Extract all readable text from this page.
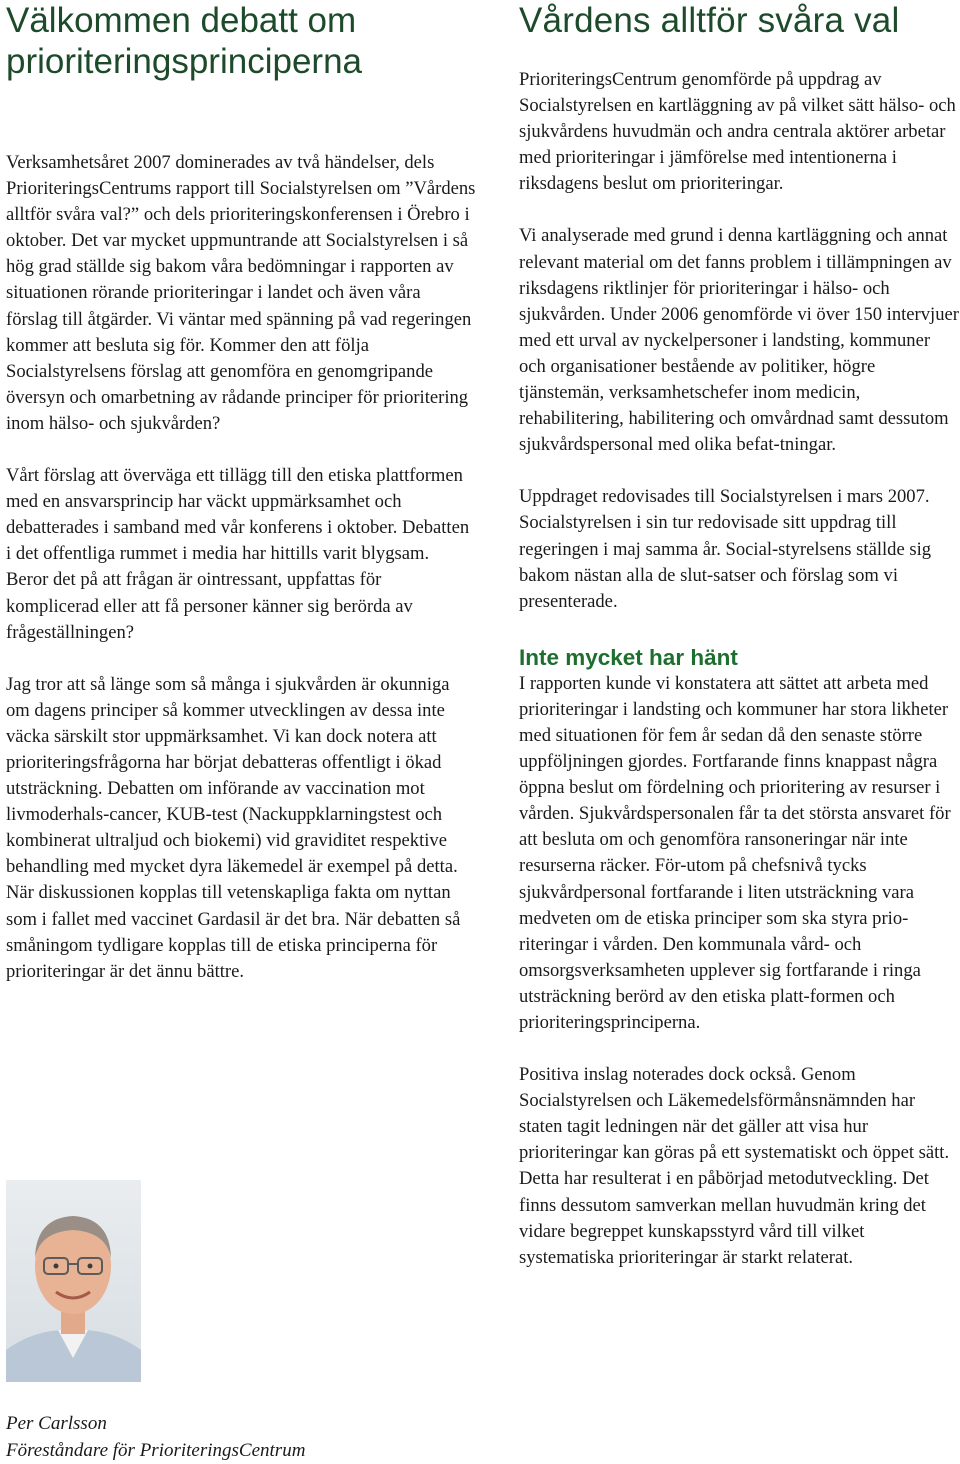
Välkommen debatt om prioriteringsprinciperna

Verksamhetsåret 2007 dominerades av två händelser, dels PrioriteringsCentrums rapport till Socialstyrelsen om ”Vårdens alltför svåra val?” och dels prioriteringskonferensen i Örebro i oktober. Det var mycket uppmuntrande att Socialstyrelsen i så hög grad ställde sig bakom våra bedömningar i rapporten av situationen rörande prioriteringar i landet och även våra förslag till åtgärder. Vi väntar med spänning på vad regeringen kommer att besluta sig för. Kommer den att följa Socialstyrelsens förslag att genomföra en genomgripande översyn och omarbetning av rådande principer för prioritering inom hälso- och sjukvården?

Vårt förslag att överväga ett tillägg till den etiska plattformen med en ansvarsprincip har väckt uppmärksamhet och debatterades i samband med vår konferens i oktober. Debatten i det offentliga rummet i media har hittills varit blygsam. Beror det på att frågan är ointressant, uppfattas för komplicerad eller att få personer känner sig berörda av frågeställningen?

Jag tror att så länge som så många i sjukvården är okunniga om dagens principer så kommer utvecklingen av dessa inte väcka särskilt stor uppmärksamhet. Vi kan dock notera att prioriteringsfrågorna har börjat debatteras offentligt i ökad utsträckning. Debatten om införande av vaccination mot livmoderhals-cancer, KUB-test (Nackuppklarningstest och kombinerat ultraljud och biokemi) vid graviditet respektive behandling med mycket dyra läkemedel är exempel på detta. När diskussionen kopplas till vetenskapliga fakta om nyttan som i fallet med vaccinet Gardasil är det bra. När debatten så småningom tydligare kopplas till de etiska principerna för prioriteringar är det ännu bättre.

Per Carlsson
Föreståndare för PrioriteringsCentrum
Vårdens alltför svåra val

PrioriteringsCentrum genomförde på uppdrag av Socialstyrelsen en kartläggning av på vilket sätt hälso- och sjukvårdens huvudmän och andra centrala aktörer arbetar med prioriteringar i jämförelse med intentionerna i riksdagens beslut om prioriteringar.

Vi analyserade med grund i denna kartläggning och annat relevant material om det fanns problem i tillämpningen av riksdagens riktlinjer för prioriteringar i hälso- och sjukvården. Under 2006 genomförde vi över 150 intervjuer med ett urval av nyckelpersoner i landsting, kommuner och organisationer bestående av politiker, högre tjänstemän, verksamhetschefer inom medicin, rehabilitering, habilitering och omvårdnad samt dessutom sjukvårdspersonal med olika befat-tningar.

Uppdraget redovisades till Socialstyrelsen i mars 2007. Socialstyrelsen i sin tur redovisade sitt uppdrag till regeringen i maj samma år. Social-styrelsens ställde sig bakom nästan alla de slut-satser och förslag som vi presenterade.

Inte mycket har hänt

I rapporten kunde vi konstatera att sättet att arbeta med prioriteringar i landsting och kommuner har stora likheter med situationen för fem år sedan då den senaste större uppföljningen gjordes. Fortfarande finns knappast några öppna beslut om fördelning och prioritering av resurser i vården. Sjukvårdspersonalen får ta det största ansvaret för att besluta om och genomföra ransoneringar när inte resurserna räcker. För-utom på chefsnivå tycks sjukvårdpersonal fortfarande i liten utsträckning vara medveten om de etiska principer som ska styra prio-riteringar i vården. Den kommunala vård- och omsorgsverksamheten upplever sig fortfarande i ringa utsträckning berörd av den etiska platt-formen och prioriteringsprinciperna.

Positiva inslag noterades dock också. Genom Socialstyrelsen och Läkemedelsförmånsnämnden har staten tagit ledningen när det gäller att visa hur prioriteringar kan göras på ett systematiskt och öppet sätt. Detta har resulterat i en påbörjad metodutveckling. Det finns dessutom samverkan mellan huvudmän kring det vidare begreppet kunskapsstyrd vård till vilket systematiska prioriteringar är starkt relaterat.
